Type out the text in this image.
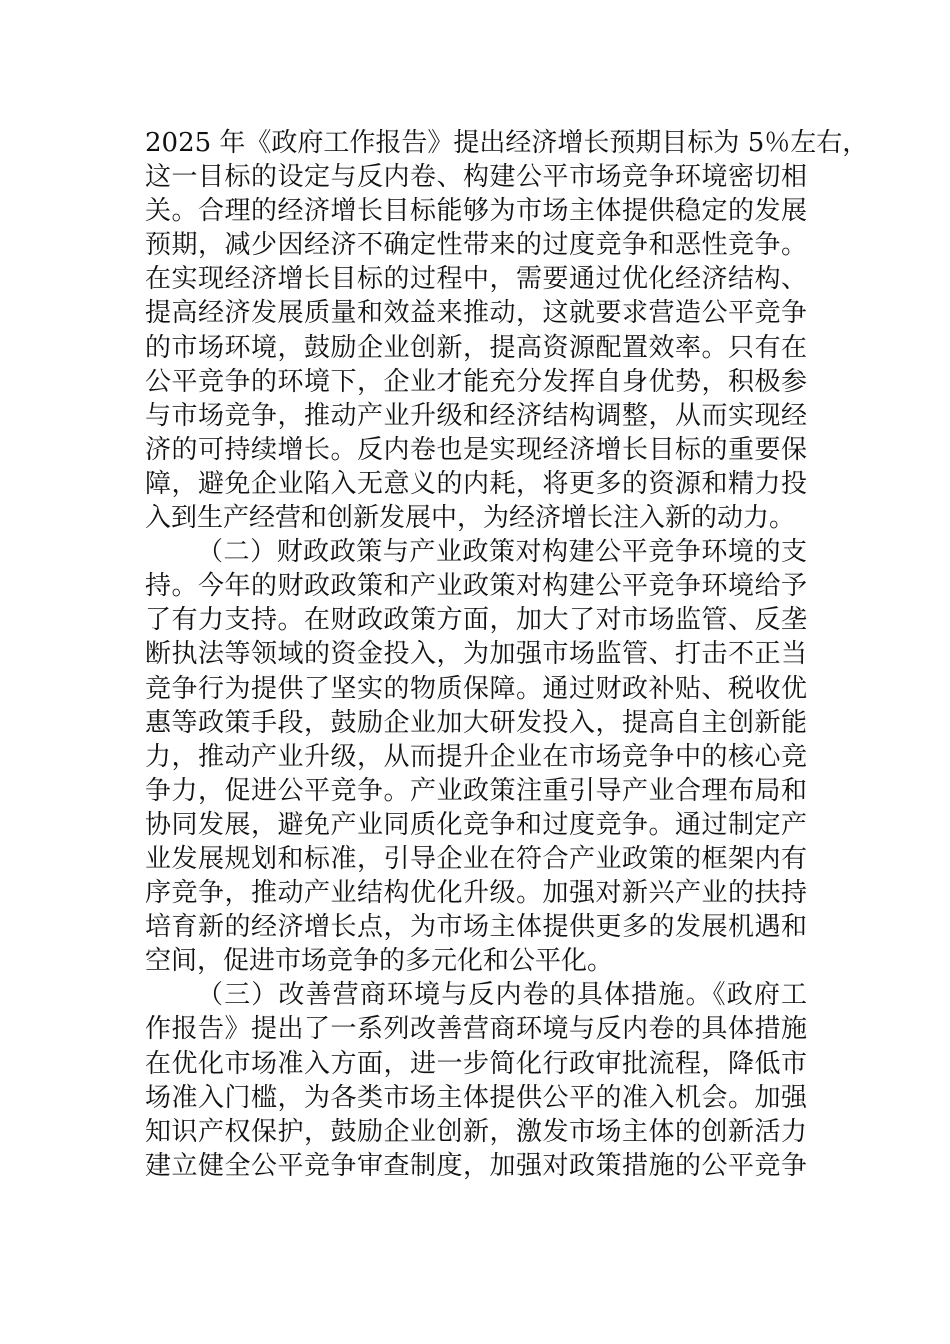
2025 年《政府工作报告》提出经济增长预期目标为 5％左右，
这一目标的设定与反内卷、构建公平市场竞争环境密切相
关。合理的经济增长目标能够为市场主体提供稳定的发展
预期，减少因经济不确定性带来的过度竞争和恶性竞争。
在实现经济增长目标的过程中，需要通过优化经济结构、
提高经济发展质量和效益来推动，这就要求营造公平竞争
的市场环境，鼓励企业创新，提高资源配置效率。只有在
公平竞争的环境下，企业才能充分发挥自身优势，积极参
与市场竞争，推动产业升级和经济结构调整，从而实现经
济的可持续增长。反内卷也是实现经济增长目标的重要保
障，避免企业陷入无意义的内耗，将更多的资源和精力投
入到生产经营和创新发展中，为经济增长注入新的动力。
（二）财政政策与产业政策对构建公平竞争环境的支
持。今年的财政政策和产业政策对构建公平竞争环境给予
了有力支持。在财政政策方面，加大了对市场监管、反垄
断执法等领域的资金投入，为加强市场监管、打击不正当
竞争行为提供了坚实的物质保障。通过财政补贴、税收优
惠等政策手段，鼓励企业加大研发投入，提高自主创新能
力，推动产业升级，从而提升企业在市场竞争中的核心竞
争力，促进公平竞争。产业政策注重引导产业合理布局和
协同发展，避免产业同质化竞争和过度竞争。通过制定产
业发展规划和标准，引导企业在符合产业政策的框架内有
序竞争，推动产业结构优化升级。加强对新兴产业的扶持
培育新的经济增长点，为市场主体提供更多的发展机遇和
空间，促进市场竞争的多元化和公平化。
（三）改善营商环境与反内卷的具体措施。《政府工
作报告》提出了一系列改善营商环境与反内卷的具体措施
在优化市场准入方面，进一步简化行政审批流程，降低市
场准入门槛，为各类市场主体提供公平的准入机会。加强
知识产权保护，鼓励企业创新，激发市场主体的创新活力
建立健全公平竞争审查制度，加强对政策措施的公平竞争
